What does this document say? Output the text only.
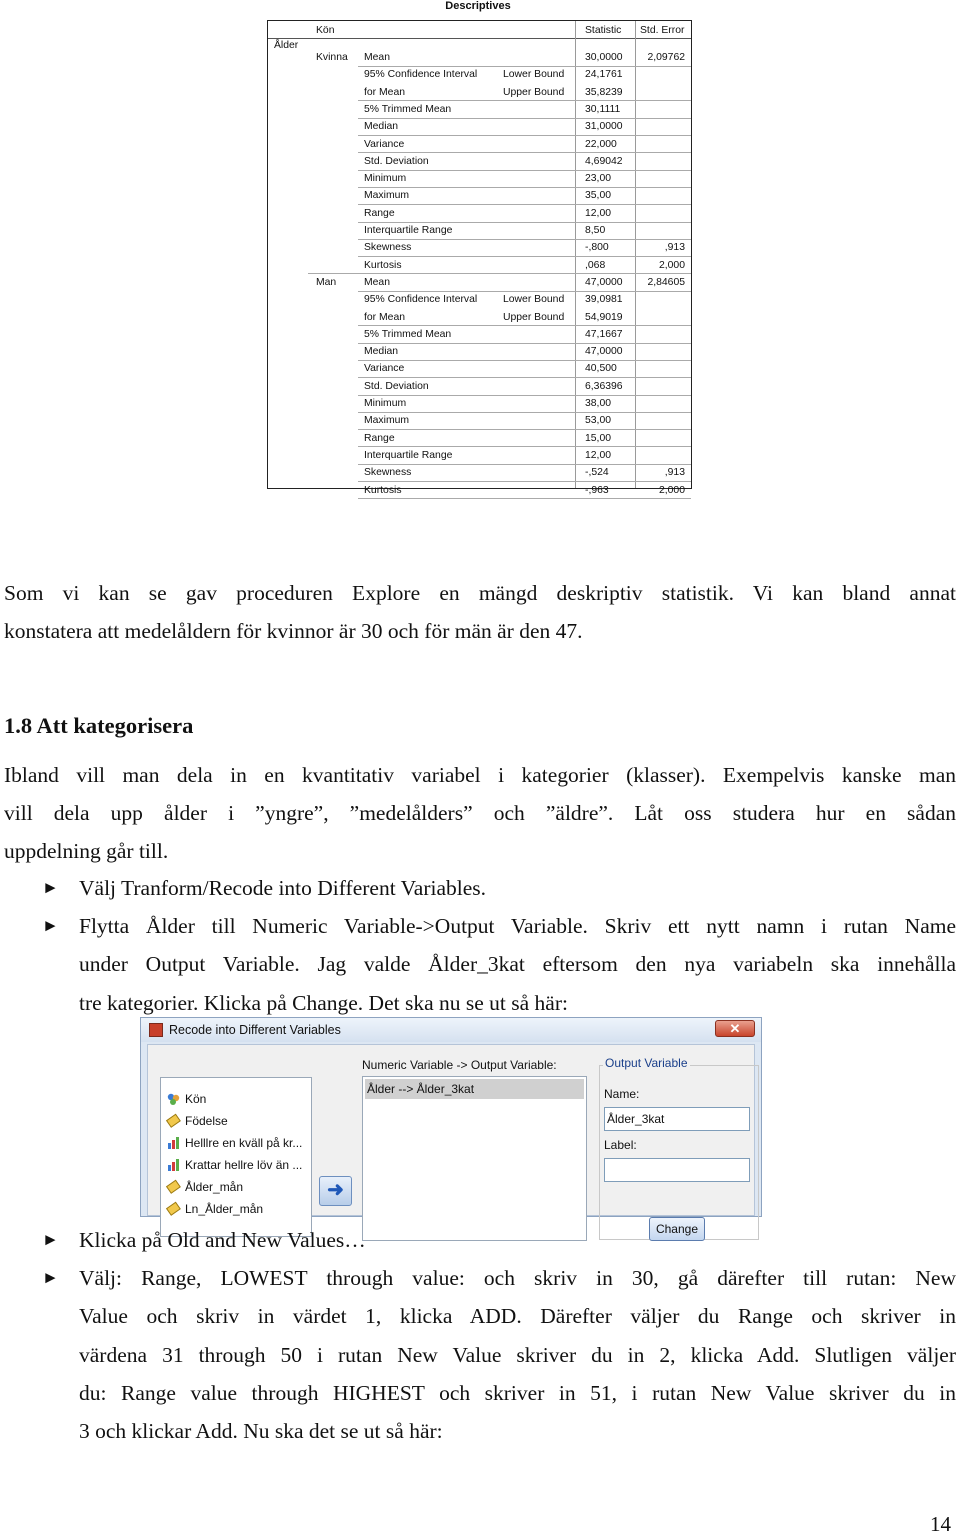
Descriptives
Kön	Statistic Std. Error
Ålder
Kvinna Mean	30,0000	2,09762
95% Confidence Interval Lower Bound 24,1761
for Mean	Upper Bound 35,8239
5% Trimmed Mean	30,1111
Median	31,0000
Variance	22,000
Std. Deviation	4,69042
Minimum	23,00
Maximum	35,00
Range	12,00
Interquartile Range	8,50
Skewness	-,800	,913
Kurtosis	,068	2,000
Man	Mean	47,0000	2,84605
95% Confidence Interval Lower Bound 39,0981
for Mean	Upper Bound 54,9019
5% Trimmed Mean	47,1667
Median	47,0000
Variance	40,500
Std. Deviation	6,36396
Minimum	38,00
Maximum	53,00
Range	15,00
Interquartile Range	12,00
Skewness	-,524	,913
Kurtosis	-,963	2,000
Som vi kan se gav proceduren Explore en mängd deskriptiv statistik. Vi kan bland annat
konstatera att medelåldern för kvinnor är 30 och för män är den 47.
1.8 Att kategorisera
Ibland vill man dela in en kvantitativ variabel i kategorier (klasser). Exempelvis kanske man
vill dela upp ålder i ”yngre”, ”medelålders” och ”äldre”. Låt oss studera hur en sådan
uppdelning går till.
► Välj Tranform/Recode into Different Variables.
► Flytta Ålder till Numeric Variable->Output Variable. Skriv ett nytt namn i rutan Name
under Output Variable. Jag valde Ålder_3kat eftersom den nya variabeln ska innehålla
tre kategorier. Klicka på Change. Det ska nu se ut så här:
Recode into Different Variables	✕
Kön
Födelse
Helllre en kväll på kr...
Krattar hellre löv än ...
Ålder_mån
Ln_Ålder_mån
➜
Numeric Variable -> Output Variable:
Ålder --> Ålder_3kat
Output Variable
Name:
Ålder_3kat
Label:
Change
► Klicka på Old and New Values…
► Välj: Range, LOWEST through value: och skriv in 30, gå därefter till rutan: New
Value och skriv in värdet 1, klicka ADD. Därefter väljer du Range och skriver in
värdena 31 through 50 i rutan New Value skriver du in 2, klicka Add. Slutligen väljer
du: Range value through HIGHEST och skriver in 51, i rutan New Value skriver du in
3 och klickar Add. Nu ska det se ut så här:
14
